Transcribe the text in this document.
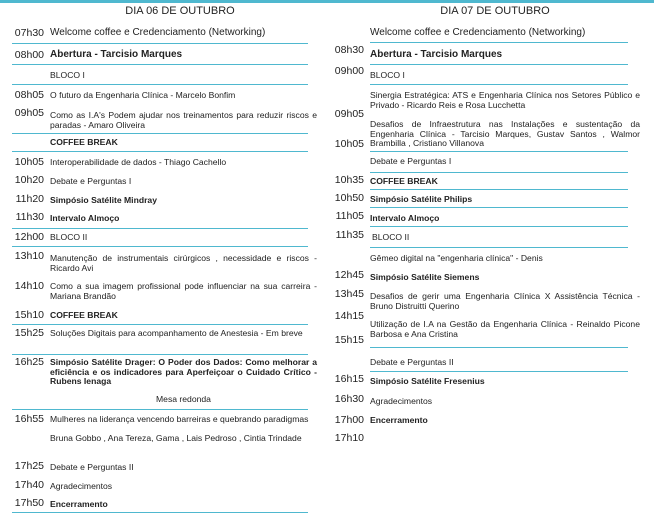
DIA 06 DE OUTUBRO
07h30 Welcome coffee e Credenciamento (Networking)
08h00 Abertura - Tarcisio Marques
BLOCO I
08h05 O futuro da Engenharia Clínica - Marcelo Bonfim
09h05 Como as I.A's Podem ajudar nos treinamentos para reduzir riscos e paradas - Amaro Oliveira
COFFEE BREAK
10h05 Interoperabilidade de dados - Thiago Cachello
10h20 Debate e Perguntas I
11h20 Simpósio Satélite Mindray
11h30 Intervalo Almoço
12h00 BLOCO II
13h10 Manutenção de instrumentais cirúrgicos , necessidade e riscos - Ricardo Avi
14h10 Como a sua imagem profissional pode influenciar na sua carreira - Mariana Brandão
15h10 COFFEE BREAK
15h25 Soluções Digitais para acompanhamento de Anestesia - Em breve
16h25 Simpósio Satélite Drager: O Poder dos Dados: Como melhorar a eficiência e os indicadores para Aperfeiçoar o Cuidado Crítico - Rubens Ienaga
Mesa redonda
16h55 Mulheres na liderança vencendo barreiras e quebrando paradigmas
Bruna Gobbo , Ana Tereza, Gama , Lais Pedroso , Cintia Trindade
17h25 Debate e Perguntas II
17h40 Agradecimentos
17h50 Encerramento
DIA 07 DE OUTUBRO
Welcome coffee e Credenciamento (Networking)
08h30 Abertura - Tarcisio Marques
09h00 BLOCO I
Sinergia Estratégica: ATS e Engenharia Clínica nos Setores Público e Privado - Ricardo Reis e Rosa Lucchetta
09h05
Desafios de Infraestrutura nas Instalações e sustentação da Engenharia Clínica - Tarcisio Marques, Gustav Santos , Walmor Brambilla , Cristiano Villanova
10h05
Debate e Perguntas I
10h35 COFFEE BREAK
10h50 Simpósio Satélite Philips
11h05 Intervalo Almoço
11h35 BLOCO II
Gêmeo digital na "engenharia clínica" - Denis
12h45 Simpósio Satélite Siemens
13h45 Desafios de gerir uma Engenharia Clínica X Assistência Técnica - Bruno Distruitti Querino
14h15
Utilização de I.A na Gestão da Engenharia Clínica - Reinaldo Picone Barbosa e Ana Cristina
15h15
Debate e Perguntas II
16h15 Simpósio Satélite Fresenius
16h30 Agradecimentos
17h00 Encerramento
17h10
